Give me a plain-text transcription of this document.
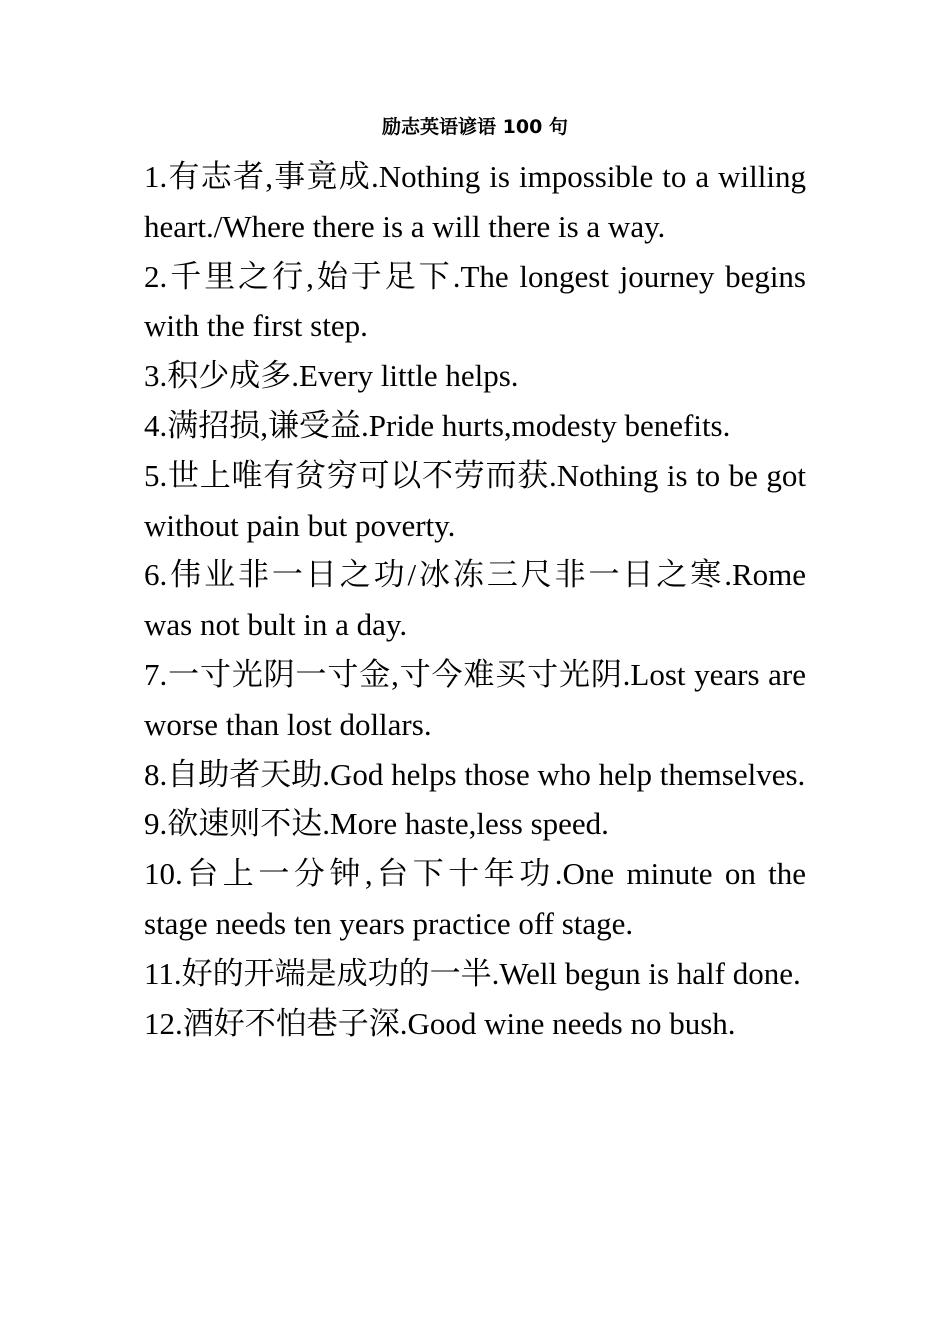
励志英语谚语 100 句

1.有志者,事竟成.Nothing is impossible to a willing heart./Where there is a will there is a way.

2.千里之行,始于足下.The longest journey begins with the first step.

3.积少成多.Every little helps.

4.满招损,谦受益.Pride hurts,modesty benefits.

5.世上唯有贫穷可以不劳而获.Nothing is to be got without pain but poverty.

6.伟业非一日之功/冰冻三尺非一日之寒.Rome was not bult in a day.

7.一寸光阴一寸金,寸今难买寸光阴.Lost years are worse than lost dollars.

8.自助者天助.God helps those who help themselves.

9.欲速则不达.More haste,less speed.

10.台上一分钟,台下十年功.One minute on the stage needs ten years practice off stage.

11.好的开端是成功的一半.Well begun is half done.

12.酒好不怕巷子深.Good wine needs no bush.
